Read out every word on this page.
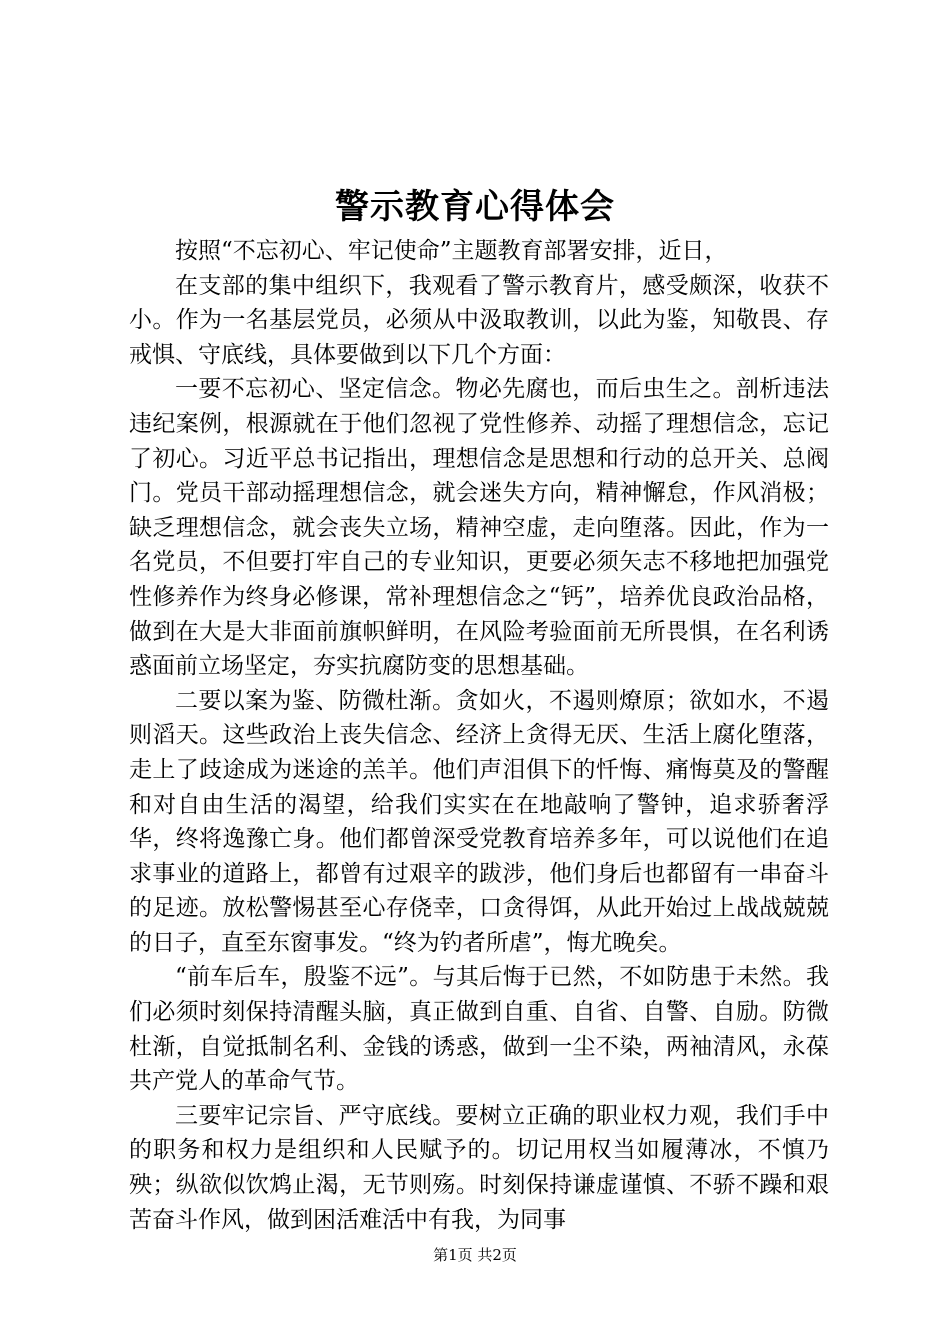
警示教育心得体会

按照“不忘初心、牢记使命”主题教育部署安排，近日，

在支部的集中组织下，我观看了警示教育片，感受颇深，收获不小。作为一名基层党员，必须从中汲取教训，以此为鉴，知敬畏、存戒惧、守底线，具体要做到以下几个方面：

一要不忘初心、坚定信念。物必先腐也，而后虫生之。剖析违法违纪案例，根源就在于他们忽视了党性修养、动摇了理想信念，忘记了初心。习近平总书记指出，理想信念是思想和行动的总开关、总阀门。党员干部动摇理想信念，就会迷失方向，精神懈怠，作风消极；缺乏理想信念，就会丧失立场，精神空虚，走向堕落。因此，作为一名党员，不但要打牢自己的专业知识，更要必须矢志不移地把加强党性修养作为终身必修课，常补理想信念之“钙”，培养优良政治品格，做到在大是大非面前旗帜鲜明，在风险考验面前无所畏惧，在名利诱惑面前立场坚定，夯实抗腐防变的思想基础。

二要以案为鉴、防微杜渐。贪如火，不遏则燎原；欲如水，不遏则滔天。这些政治上丧失信念、经济上贪得无厌、生活上腐化堕落，走上了歧途成为迷途的羔羊。他们声泪俱下的忏悔、痛悔莫及的警醒和对自由生活的渴望，给我们实实在在地敲响了警钟，追求骄奢浮华，终将逸豫亡身。他们都曾深受党教育培养多年，可以说他们在追求事业的道路上，都曾有过艰辛的跋涉，他们身后也都留有一串奋斗的足迹。放松警惕甚至心存侥幸，口贪得饵，从此开始过上战战兢兢的日子，直至东窗事发。“终为钓者所虐”，悔尤晚矣。

“前车后车，殷鉴不远”。与其后悔于已然，不如防患于未然。我们必须时刻保持清醒头脑，真正做到自重、自省、自警、自励。防微杜渐，自觉抵制名利、金钱的诱惑，做到一尘不染，两袖清风，永葆共产党人的革命气节。

三要牢记宗旨、严守底线。要树立正确的职业权力观，我们手中的职务和权力是组织和人民赋予的。切记用权当如履薄冰，不慎乃殃；纵欲似饮鸩止渴，无节则殇。时刻保持谦虚谨慎、不骄不躁和艰苦奋斗作风，做到困活难活中有我，为同事

第1页 共2页
